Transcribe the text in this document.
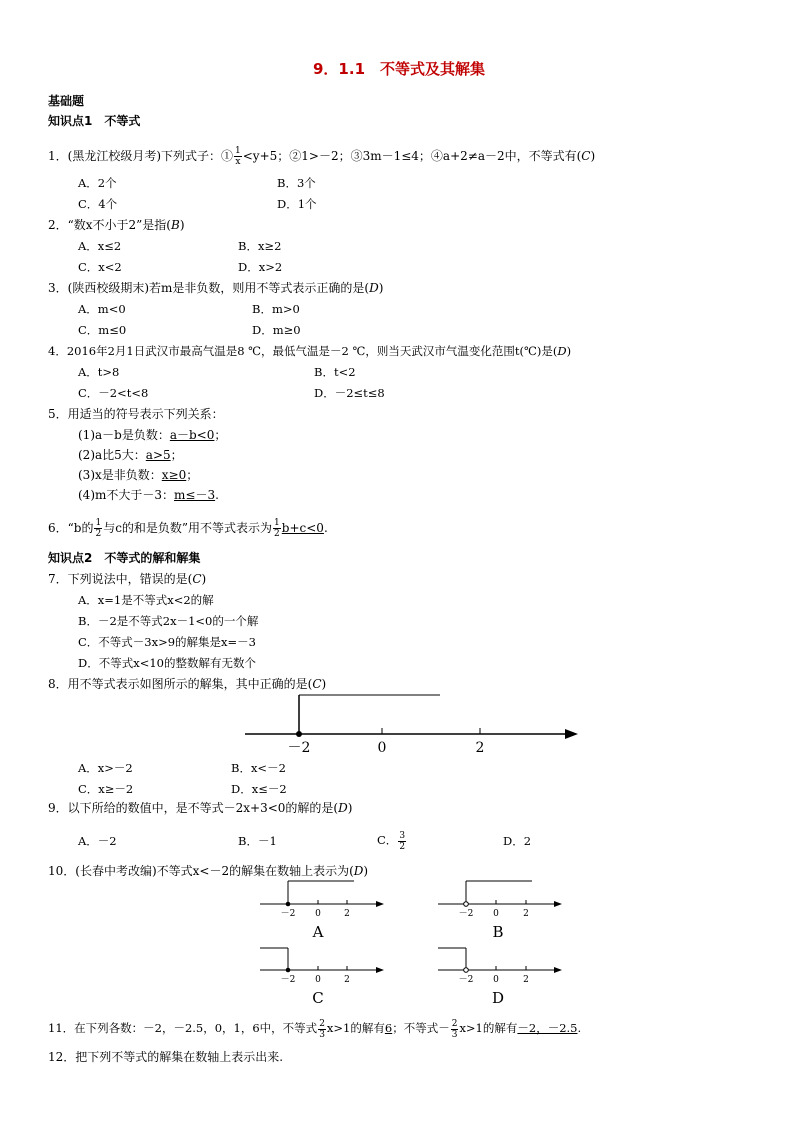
9．1.1　不等式及其解集
基础题
知识点1　不等式
1．(黑龙江校级月考)下列式子：① $\frac{1}{x} <y+5$；②1>－2；③3m－1≤4；④a+2≠a－2中，不等式有(C)
A．2个	B．3个
C．4个	D．1个
2．“数x不小于2”是指(B)
A．x≤2	B．x≥2
C．x<2	D．x>2
3．(陕西校级期末)若m是非负数，则用不等式表示正确的是(D)
A．m<0	B．m>0
C．m≤0	D．m≥0
4．2016年2月1日武汉市最高气温是8 ℃，最低气温是－2 ℃，则当天武汉市气温变化范围t(℃)是(D)
A．t>8	B．t<2
C．－2<t<8	D．－2≤t≤8
5．用适当的符号表示下列关系：
(1)a－b是负数：a－b<0；
(2)a比5大：a>5；
(3)x是非负数：x≥0；
(4)m不大于－3：m≤－3.
6．“b的 $\frac{1}{2}$ 与c的和是负数”用不等式表示为 $\frac{1}{2} b+c<0$.
知识点2　不等式的解和解集
7．下列说法中，错误的是(C)
A．x=1是不等式x<2的解
B．－2是不等式2x－1<0的一个解
C．不等式－3x>9的解集是x=－3
D．不等式x<10的整数解有无数个
8．用不等式表示如图所示的解集，其中正确的是(C)
－2	0	2
A．x>－2	B．x<－2
C．x≥－2	D．x≤－2
9．以下所给的数值中，是不等式－2x+3<0的解的是(D)
A．－2	B．－1	C． $\frac{3}{2}$	D．2
10．(长春中考改编)不等式x<－2的解集在数轴上表示为(D)
－2 0	2
A
－2 0	2
B
－2 0	2
C
－2 0	2
D
11．在下列各数：－2，－2.5，0，1，6中，不等式 $\frac{2}{3} x>1$的解有6；不等式－ $\frac{2}{3} x>1$的解有－2，－2.5.
12．把下列不等式的解集在数轴上表示出来.
